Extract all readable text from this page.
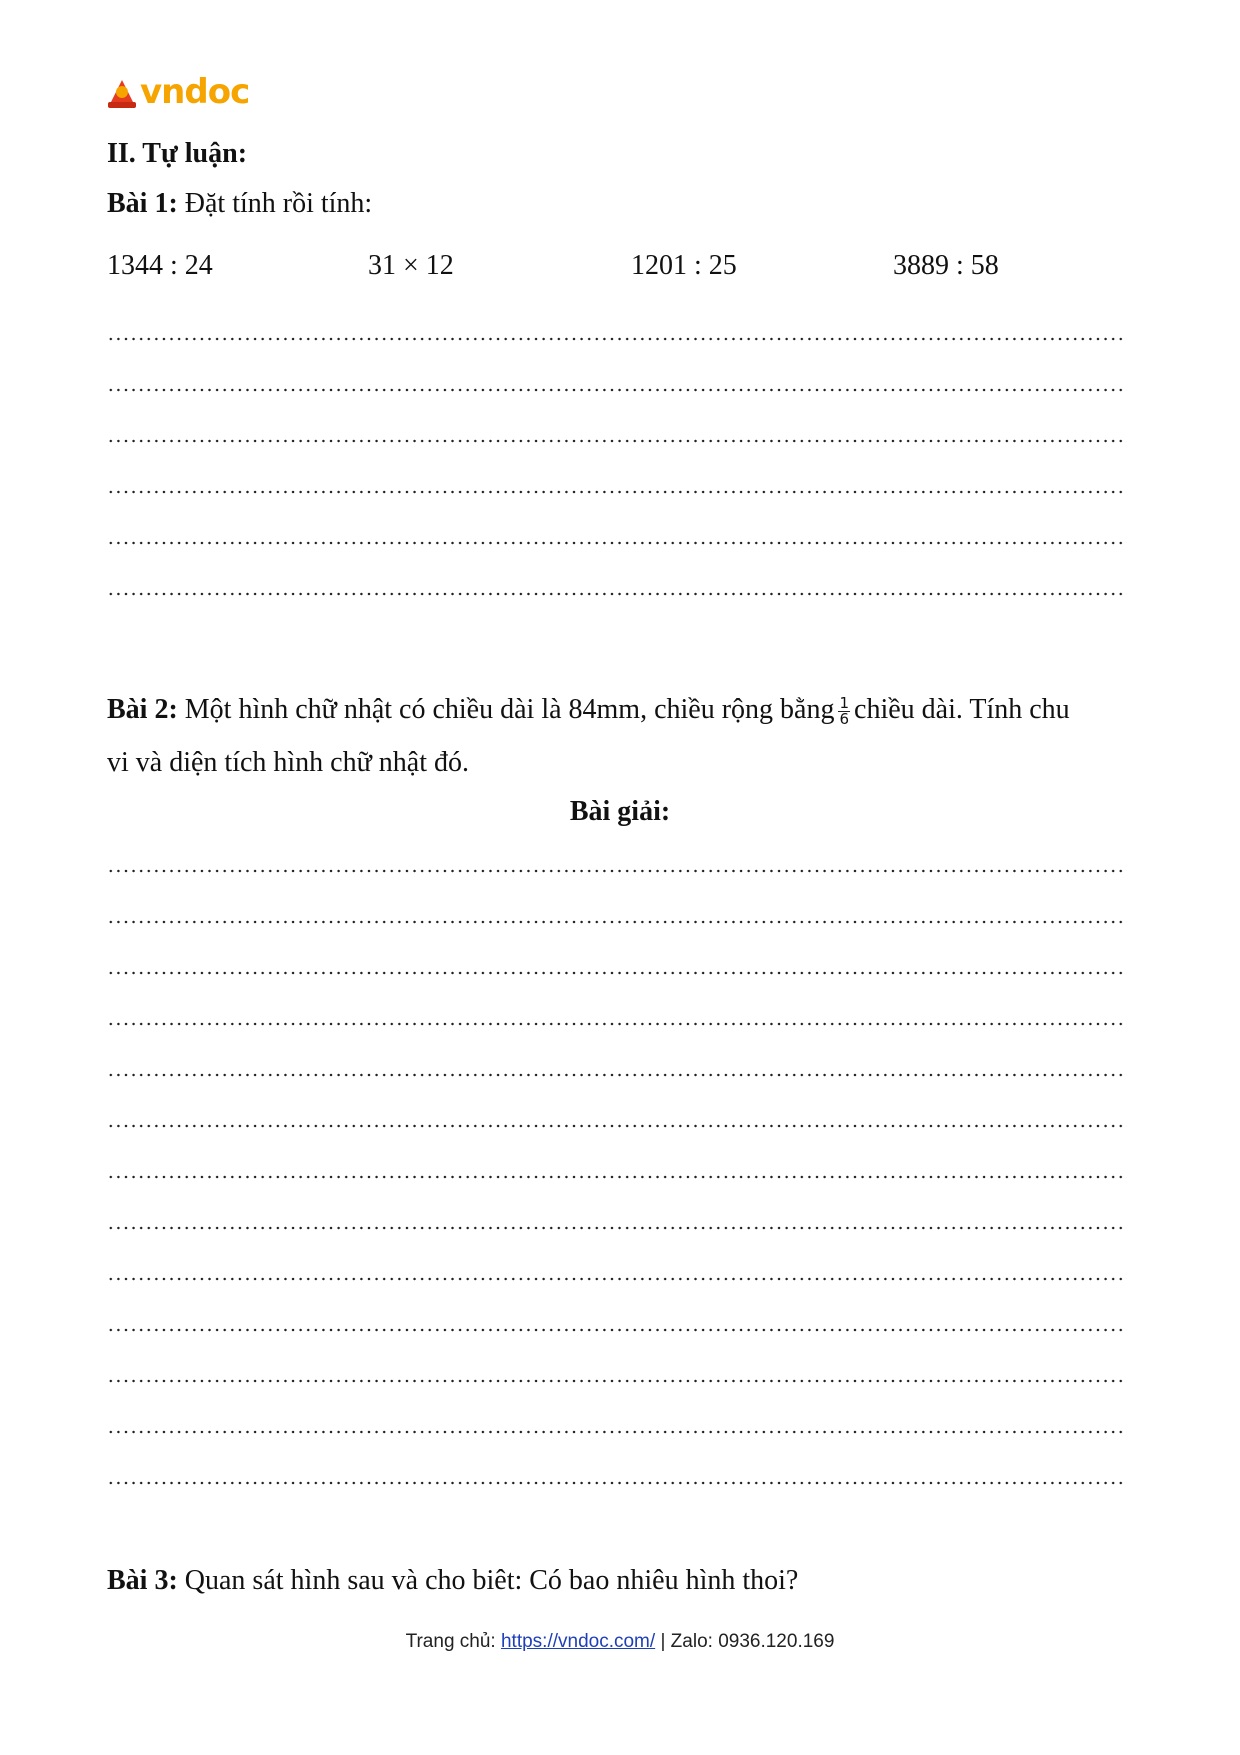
vndoc
II. Tự luận:
Bài 1: Đặt tính rồi tính:
1344 : 24	31 × 12	1201 : 25	3889 : 58
Bài 2: Một hình chữ nhật có chiều dài là 84mm, chiều rộng bằng $\frac{1}{6}$ chiều dài. Tính chu
vi và diện tích hình chữ nhật đó.
Bài giải:
Bài 3: Quan sát hình sau và cho biêt: Có bao nhiêu hình thoi?
Trang chủ: https://vndoc.com/ | Zalo: 0936.120.169
